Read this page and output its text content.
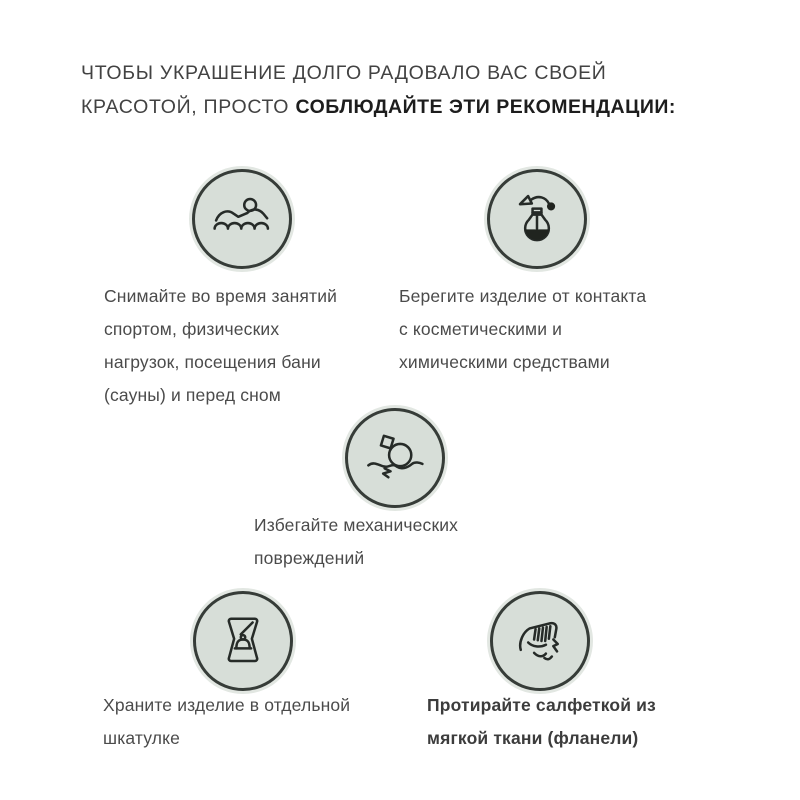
ЧТОБЫ УКРАШЕНИЕ ДОЛГО РАДОВАЛО ВАС СВОЕЙ
КРАСОТОЙ, ПРОСТО СОБЛЮДАЙТЕ ЭТИ РЕКОМЕНДАЦИИ:
Снимайте во время занятий
спортом, физических
нагрузок, посещения бани
(сауны) и перед сном
Берегите изделие от контакта
с косметическими и
химическими средствами
Избегайте механических
повреждений
Храните изделие в отдельной
шкатулке
Протирайте салфеткой из
мягкой ткани (фланели)
